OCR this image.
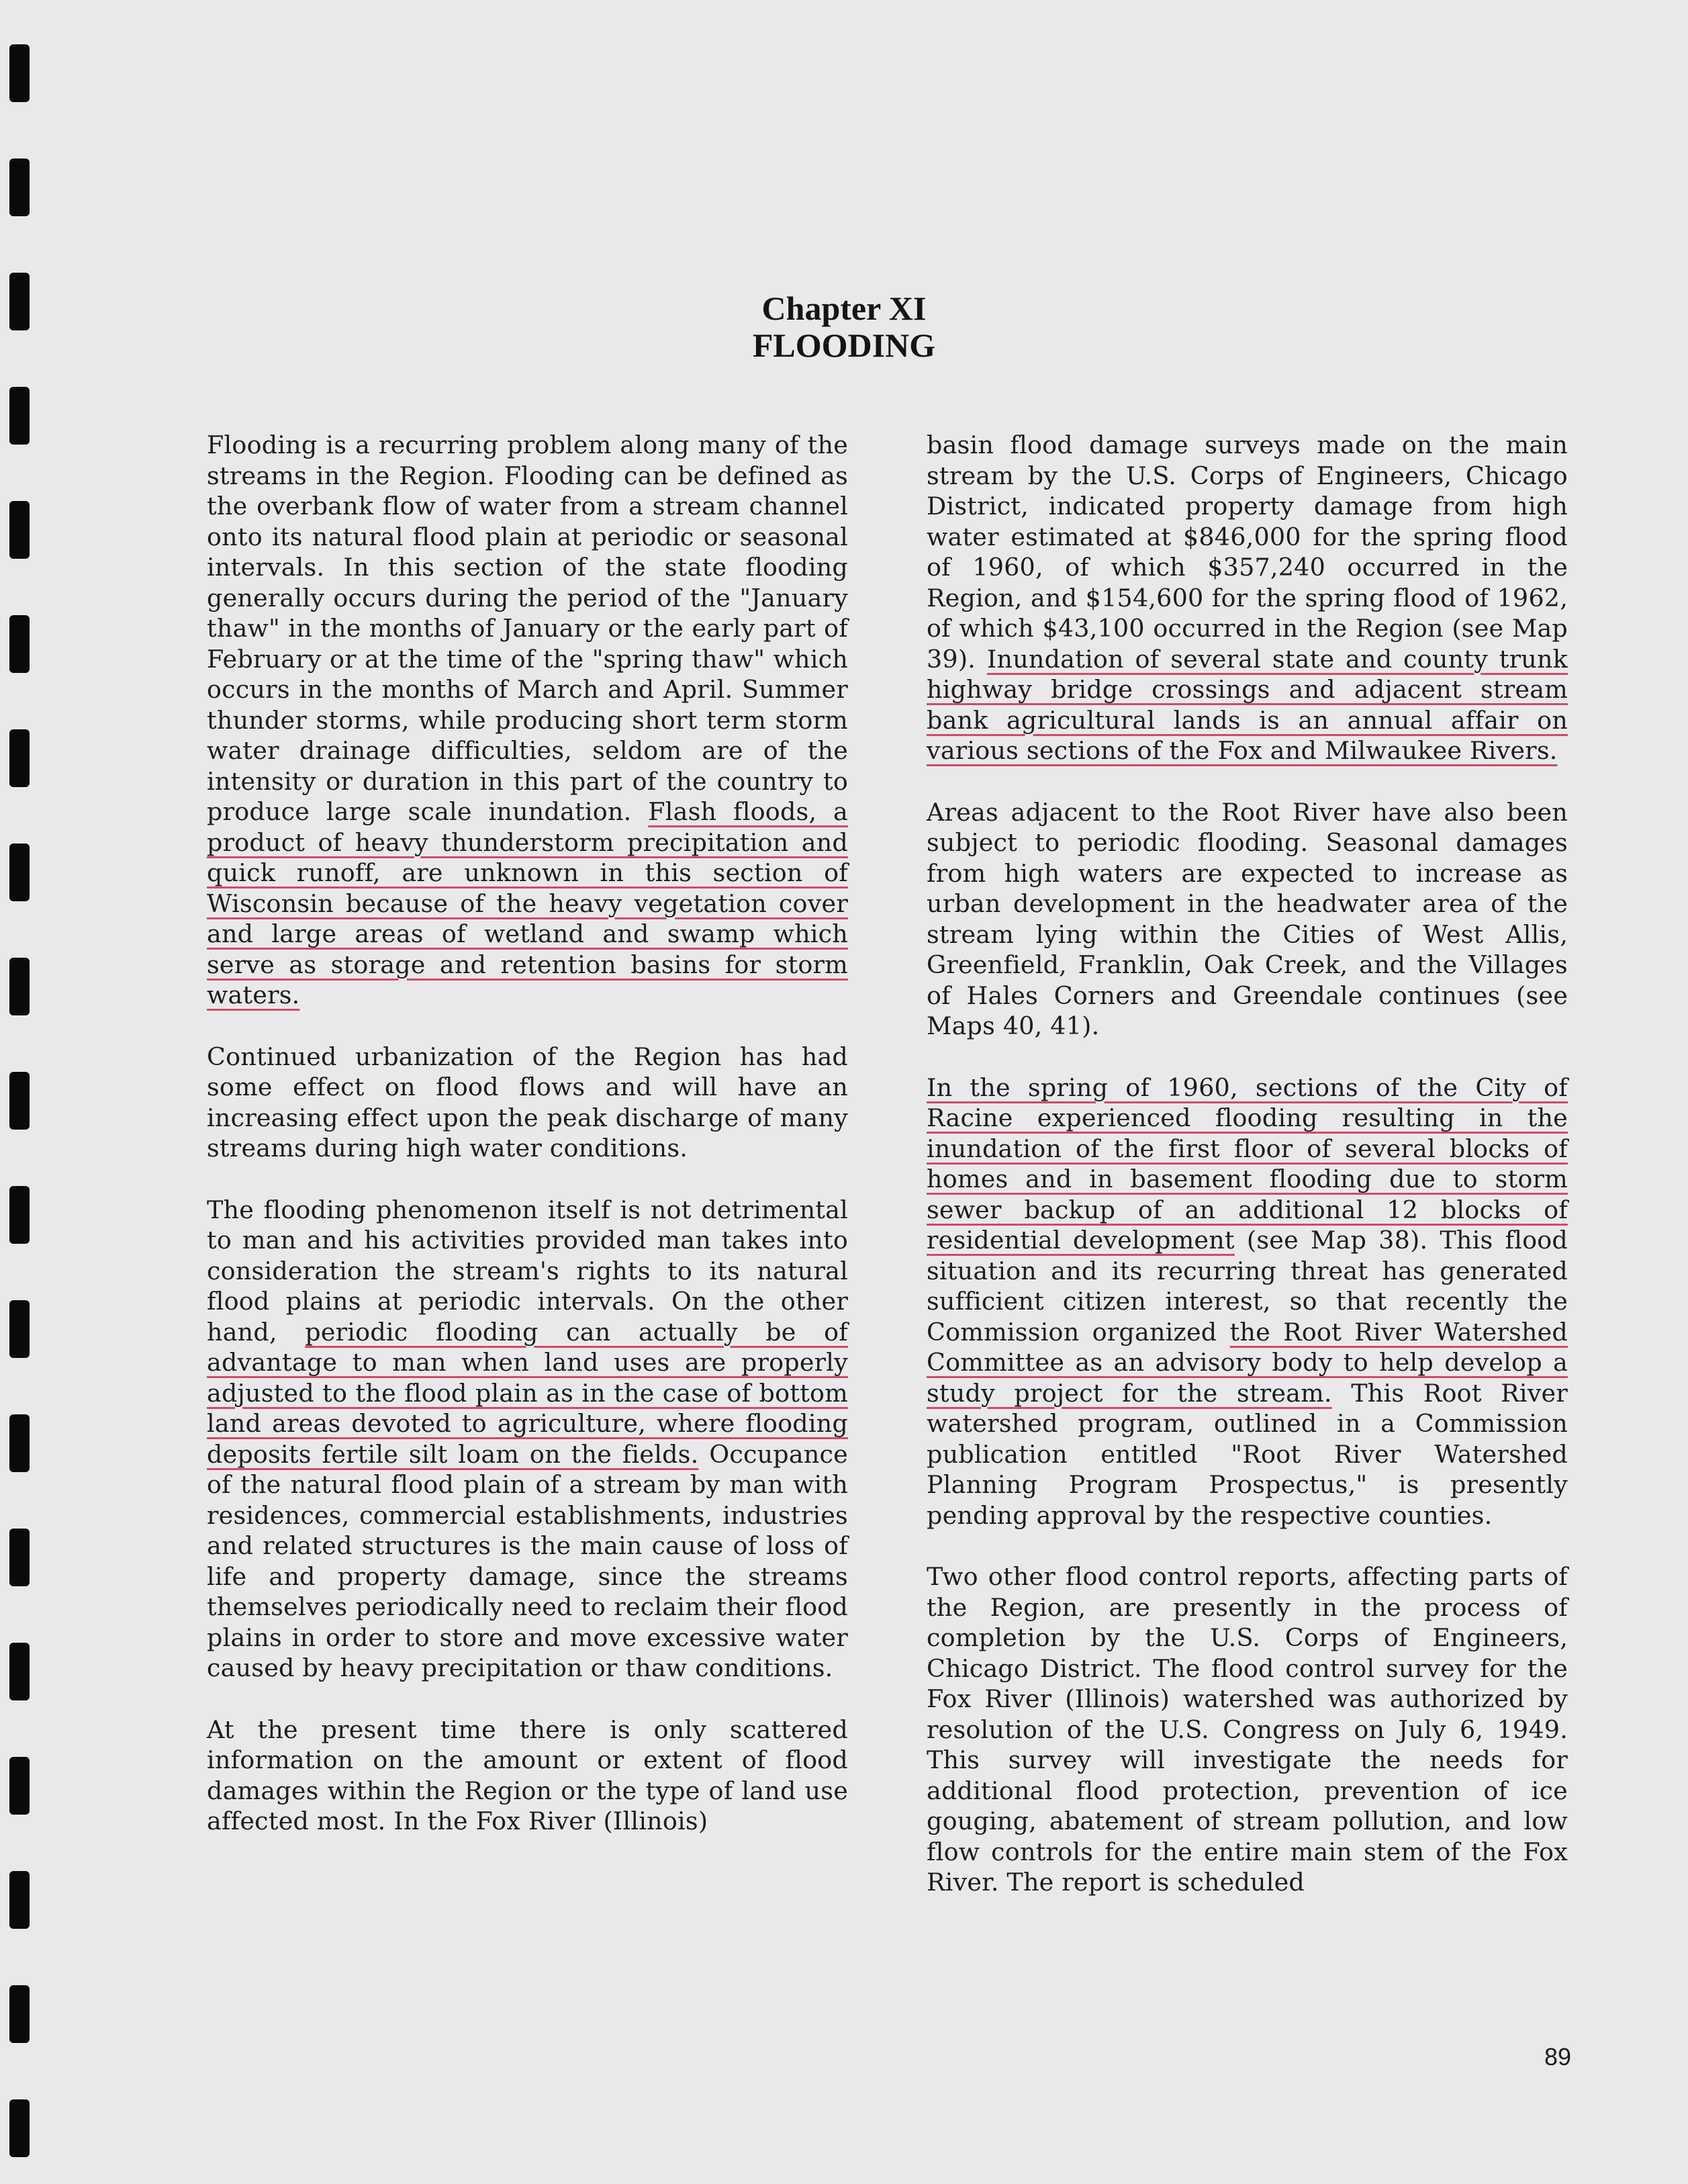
Chapter XI
FLOODING

Flooding is a recurring problem along many of the streams in the Region. Flooding can be defined as the overbank flow of water from a stream channel onto its natural flood plain at periodic or seasonal intervals. In this section of the state flooding generally occurs during the period of the "January thaw" in the months of January or the early part of February or at the time of the "spring thaw" which occurs in the months of March and April. Summer thunder storms, while producing short term storm water drainage difficulties, seldom are of the intensity or duration in this part of the country to produce large scale inundation. Flash floods, a product of heavy thunderstorm precipitation and quick runoff, are unknown in this section of Wisconsin because of the heavy vegetation cover and large areas of wetland and swamp which serve as storage and retention basins for storm waters.

Continued urbanization of the Region has had some effect on flood flows and will have an increasing effect upon the peak discharge of many streams during high water conditions.

The flooding phenomenon itself is not detrimental to man and his activities provided man takes into consideration the stream's rights to its natural flood plains at periodic intervals. On the other hand, periodic flooding can actually be of advantage to man when land uses are properly adjusted to the flood plain as in the case of bottom land areas devoted to agriculture, where flooding deposits fertile silt loam on the fields. Occupance of the natural flood plain of a stream by man with residences, commercial establishments, industries and related structures is the main cause of loss of life and property damage, since the streams themselves periodically need to reclaim their flood plains in order to store and move excessive water caused by heavy precipitation or thaw conditions.

At the present time there is only scattered information on the amount or extent of flood damages within the Region or the type of land use affected most. In the Fox River (Illinois)

basin flood damage surveys made on the main stream by the U.S. Corps of Engineers, Chicago District, indicated property damage from high water estimated at $846,000 for the spring flood of 1960, of which $357,240 occurred in the Region, and $154,600 for the spring flood of 1962, of which $43,100 occurred in the Region (see Map 39). Inundation of several state and county trunk highway bridge crossings and adjacent stream bank agricultural lands is an annual affair on various sections of the Fox and Milwaukee Rivers.

Areas adjacent to the Root River have also been subject to periodic flooding. Seasonal damages from high waters are expected to increase as urban development in the headwater area of the stream lying within the Cities of West Allis, Greenfield, Franklin, Oak Creek, and the Villages of Hales Corners and Greendale continues (see Maps 40, 41).

In the spring of 1960, sections of the City of Racine experienced flooding resulting in the inundation of the first floor of several blocks of homes and in basement flooding due to storm sewer backup of an additional 12 blocks of residential development (see Map 38). This flood situation and its recurring threat has generated sufficient citizen interest, so that recently the Commission organized the Root River Watershed Committee as an advisory body to help develop a study project for the stream. This Root River watershed program, outlined in a Commission publication entitled "Root River Watershed Planning Program Prospectus," is presently pending approval by the respective counties.

Two other flood control reports, affecting parts of the Region, are presently in the process of completion by the U.S. Corps of Engineers, Chicago District. The flood control survey for the Fox River (Illinois) watershed was authorized by resolution of the U.S. Congress on July 6, 1949. This survey will investigate the needs for additional flood protection, prevention of ice gouging, abatement of stream pollution, and low flow controls for the entire main stem of the Fox River. The report is scheduled

89
